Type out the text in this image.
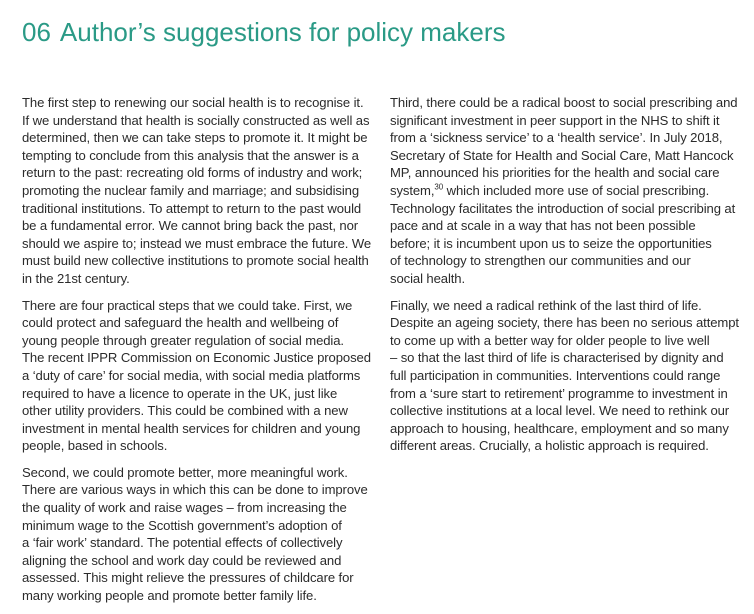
06 Author’s suggestions for policy makers

The first step to renewing our social health is to recognise it.
If we understand that health is socially constructed as well as
determined, then we can take steps to promote it. It might be
tempting to conclude from this analysis that the answer is a
return to the past: recreating old forms of industry and work;
promoting the nuclear family and marriage; and subsidising
traditional institutions. To attempt to return to the past would
be a fundamental error. We cannot bring back the past, nor
should we aspire to; instead we must embrace the future. We
must build new collective institutions to promote social health
in the 21st century.

There are four practical steps that we could take. First, we
could protect and safeguard the health and wellbeing of
young people through greater regulation of social media.
The recent IPPR Commission on Economic Justice proposed
a ‘duty of care’ for social media, with social media platforms
required to have a licence to operate in the UK, just like
other utility providers. This could be combined with a new
investment in mental health services for children and young
people, based in schools.

Second, we could promote better, more meaningful work.
There are various ways in which this can be done to improve
the quality of work and raise wages – from increasing the
minimum wage to the Scottish government’s adoption of
a ‘fair work’ standard. The potential effects of collectively
aligning the school and work day could be reviewed and
assessed. This might relieve the pressures of childcare for
many working people and promote better family life.

Third, there could be a radical boost to social prescribing and
significant investment in peer support in the NHS to shift it
from a ‘sickness service’ to a ‘health service’. In July 2018,
Secretary of State for Health and Social Care, Matt Hancock
MP, announced his priorities for the health and social care
system,$^{30}$ which included more use of social prescribing.
Technology facilitates the introduction of social prescribing at
pace and at scale in a way that has not been possible
before; it is incumbent upon us to seize the opportunities
of technology to strengthen our communities and our
social health.

Finally, we need a radical rethink of the last third of life.
Despite an ageing society, there has been no serious attempt
to come up with a better way for older people to live well
– so that the last third of life is characterised by dignity and
full participation in communities. Interventions could range
from a ‘sure start to retirement’ programme to investment in
collective institutions at a local level. We need to rethink our
approach to housing, healthcare, employment and so many
different areas. Crucially, a holistic approach is required.
